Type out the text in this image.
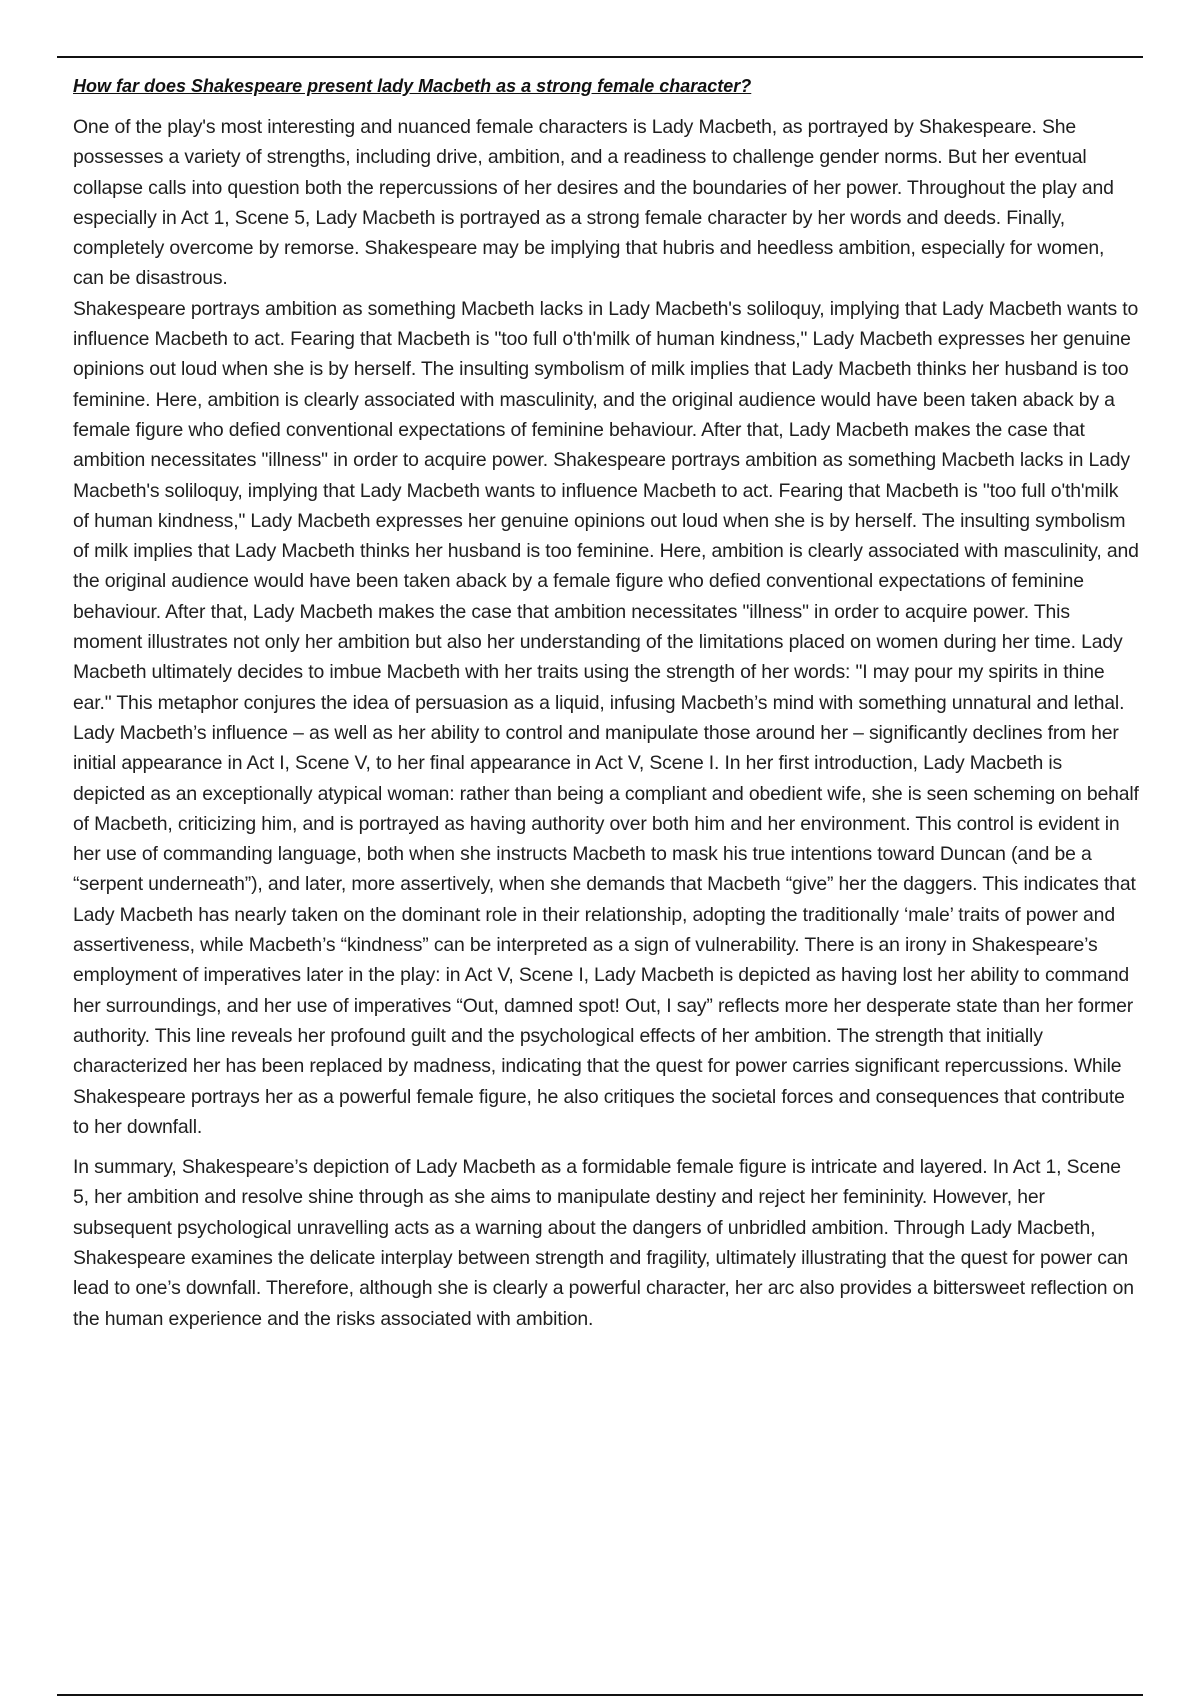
How far does Shakespeare present lady Macbeth as a strong female character?

One of the play's most interesting and nuanced female characters is Lady Macbeth, as portrayed by Shakespeare. She possesses a variety of strengths, including drive, ambition, and a readiness to challenge gender norms. But her eventual collapse calls into question both the repercussions of her desires and the boundaries of her power. Throughout the play and especially in Act 1, Scene 5, Lady Macbeth is portrayed as a strong female character by her words and deeds. Finally, completely overcome by remorse. Shakespeare may be implying that hubris and heedless ambition, especially for women, can be disastrous.

Shakespeare portrays ambition as something Macbeth lacks in Lady Macbeth's soliloquy, implying that Lady Macbeth wants to influence Macbeth to act. Fearing that Macbeth is "too full o'th'milk of human kindness," Lady Macbeth expresses her genuine opinions out loud when she is by herself. The insulting symbolism of milk implies that Lady Macbeth thinks her husband is too feminine. Here, ambition is clearly associated with masculinity, and the original audience would have been taken aback by a female figure who defied conventional expectations of feminine behaviour. After that, Lady Macbeth makes the case that ambition necessitates "illness" in order to acquire power. Shakespeare portrays ambition as something Macbeth lacks in Lady Macbeth's soliloquy, implying that Lady Macbeth wants to influence Macbeth to act. Fearing that Macbeth is "too full o'th'milk of human kindness," Lady Macbeth expresses her genuine opinions out loud when she is by herself. The insulting symbolism of milk implies that Lady Macbeth thinks her husband is too feminine. Here, ambition is clearly associated with masculinity, and the original audience would have been taken aback by a female figure who defied conventional expectations of feminine behaviour. After that, Lady Macbeth makes the case that ambition necessitates "illness" in order to acquire power. This moment illustrates not only her ambition but also her understanding of the limitations placed on women during her time. Lady Macbeth ultimately decides to imbue Macbeth with her traits using the strength of her words: "I may pour my spirits in thine ear." This metaphor conjures the idea of persuasion as a liquid, infusing Macbeth’s mind with something unnatural and lethal.

Lady Macbeth’s influence – as well as her ability to control and manipulate those around her – significantly declines from her initial appearance in Act I, Scene V, to her final appearance in Act V, Scene I. In her first introduction, Lady Macbeth is depicted as an exceptionally atypical woman: rather than being a compliant and obedient wife, she is seen scheming on behalf of Macbeth, criticizing him, and is portrayed as having authority over both him and her environment. This control is evident in her use of commanding language, both when she instructs Macbeth to mask his true intentions toward Duncan (and be a “serpent underneath”), and later, more assertively, when she demands that Macbeth “give” her the daggers. This indicates that Lady Macbeth has nearly taken on the dominant role in their relationship, adopting the traditionally ‘male’ traits of power and assertiveness, while Macbeth’s “kindness” can be interpreted as a sign of vulnerability. There is an irony in Shakespeare’s employment of imperatives later in the play: in Act V, Scene I, Lady Macbeth is depicted as having lost her ability to command her surroundings, and her use of imperatives “Out, damned spot! Out, I say” reflects more her desperate state than her former authority. This line reveals her profound guilt and the psychological effects of her ambition. The strength that initially characterized her has been replaced by madness, indicating that the quest for power carries significant repercussions. While Shakespeare portrays her as a powerful female figure, he also critiques the societal forces and consequences that contribute to her downfall.

In summary, Shakespeare’s depiction of Lady Macbeth as a formidable female figure is intricate and layered. In Act 1, Scene 5, her ambition and resolve shine through as she aims to manipulate destiny and reject her femininity. However, her subsequent psychological unravelling acts as a warning about the dangers of unbridled ambition. Through Lady Macbeth, Shakespeare examines the delicate interplay between strength and fragility, ultimately illustrating that the quest for power can lead to one’s downfall. Therefore, although she is clearly a powerful character, her arc also provides a bittersweet reflection on the human experience and the risks associated with ambition.
